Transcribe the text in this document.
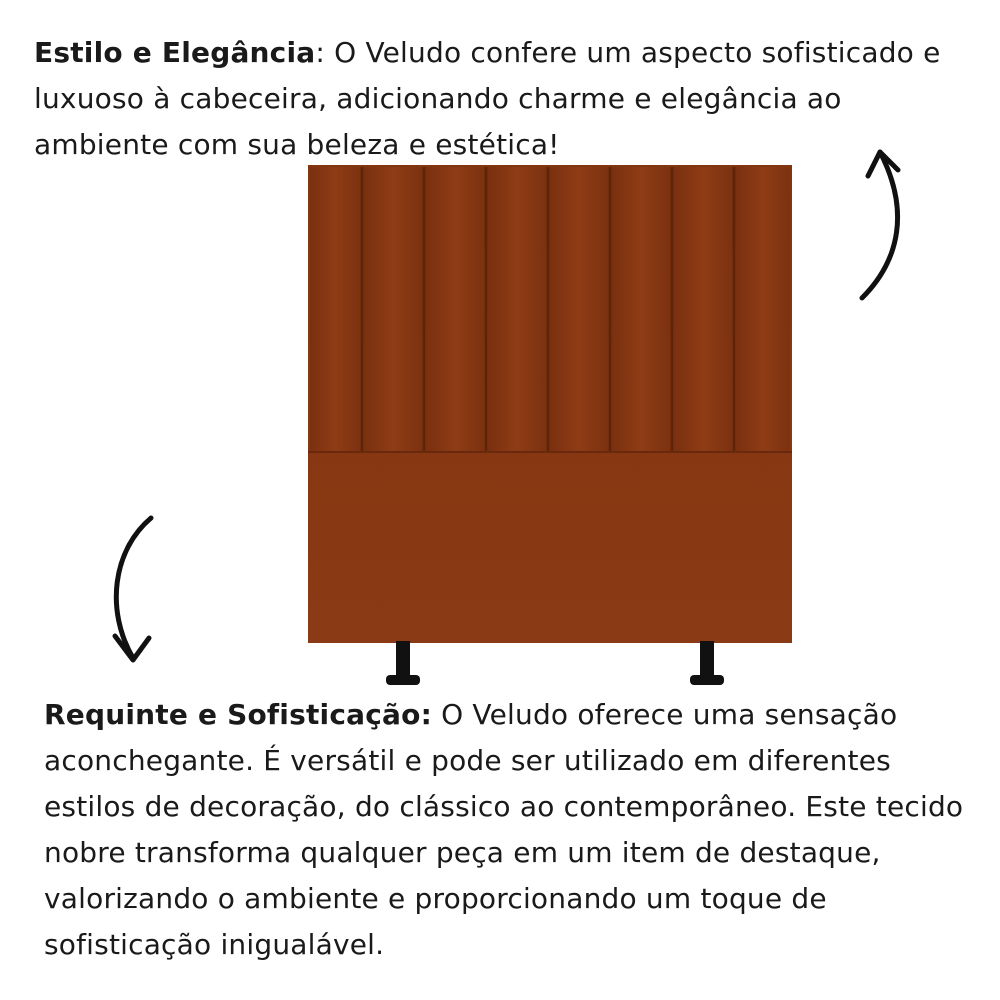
Estilo e Elegância: O Veludo confere um aspecto sofisticado e luxuoso à cabeceira, adicionando charme e elegância ao ambiente com sua beleza e estética!
Requinte e Sofisticação: O Veludo oferece uma sensação aconchegante. É versátil e pode ser utilizado em diferentes estilos de decoração, do clássico ao contemporâneo. Este tecido nobre transforma qualquer peça em um item de destaque, valorizando o ambiente e proporcionando um toque de sofisticação inigualável.
